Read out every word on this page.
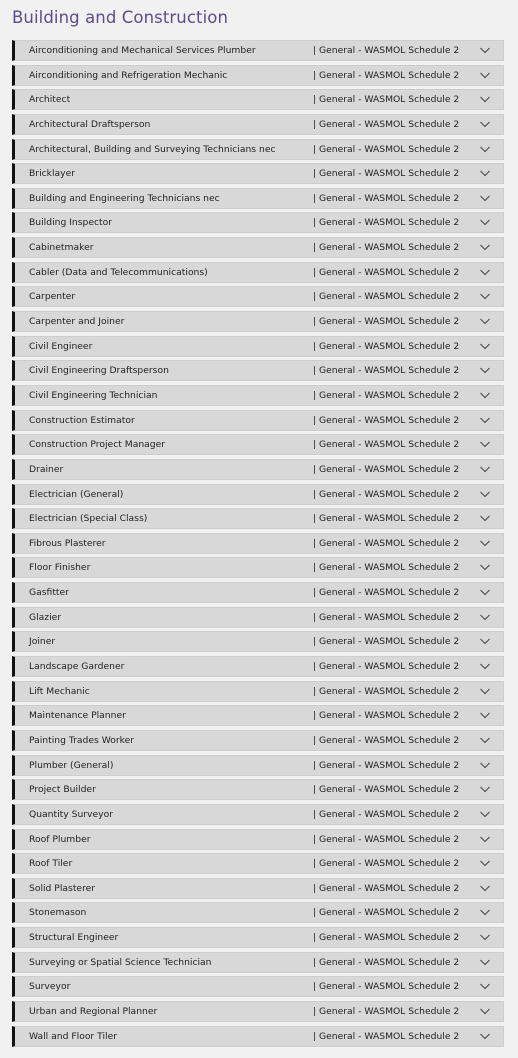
Building and Construction
Airconditioning and Mechanical Services Plumber	| General - WASMOL Schedule 2
Airconditioning and Refrigeration Mechanic	| General - WASMOL Schedule 2
Architect	| General - WASMOL Schedule 2
Architectural Draftsperson	| General - WASMOL Schedule 2
Architectural, Building and Surveying Technicians nec	| General - WASMOL Schedule 2
Bricklayer	| General - WASMOL Schedule 2
Building and Engineering Technicians nec	| General - WASMOL Schedule 2
Building Inspector	| General - WASMOL Schedule 2
Cabinetmaker	| General - WASMOL Schedule 2
Cabler (Data and Telecommunications)	| General - WASMOL Schedule 2
Carpenter	| General - WASMOL Schedule 2
Carpenter and Joiner	| General - WASMOL Schedule 2
Civil Engineer	| General - WASMOL Schedule 2
Civil Engineering Draftsperson	| General - WASMOL Schedule 2
Civil Engineering Technician	| General - WASMOL Schedule 2
Construction Estimator	| General - WASMOL Schedule 2
Construction Project Manager	| General - WASMOL Schedule 2
Drainer	| General - WASMOL Schedule 2
Electrician (General)	| General - WASMOL Schedule 2
Electrician (Special Class)	| General - WASMOL Schedule 2
Fibrous Plasterer	| General - WASMOL Schedule 2
Floor Finisher	| General - WASMOL Schedule 2
Gasfitter	| General - WASMOL Schedule 2
Glazier	| General - WASMOL Schedule 2
Joiner	| General - WASMOL Schedule 2
Landscape Gardener	| General - WASMOL Schedule 2
Lift Mechanic	| General - WASMOL Schedule 2
Maintenance Planner	| General - WASMOL Schedule 2
Painting Trades Worker	| General - WASMOL Schedule 2
Plumber (General)	| General - WASMOL Schedule 2
Project Builder	| General - WASMOL Schedule 2
Quantity Surveyor	| General - WASMOL Schedule 2
Roof Plumber	| General - WASMOL Schedule 2
Roof Tiler	| General - WASMOL Schedule 2
Solid Plasterer	| General - WASMOL Schedule 2
Stonemason	| General - WASMOL Schedule 2
Structural Engineer	| General - WASMOL Schedule 2
Surveying or Spatial Science Technician	| General - WASMOL Schedule 2
Surveyor	| General - WASMOL Schedule 2
Urban and Regional Planner	| General - WASMOL Schedule 2
Wall and Floor Tiler	| General - WASMOL Schedule 2
